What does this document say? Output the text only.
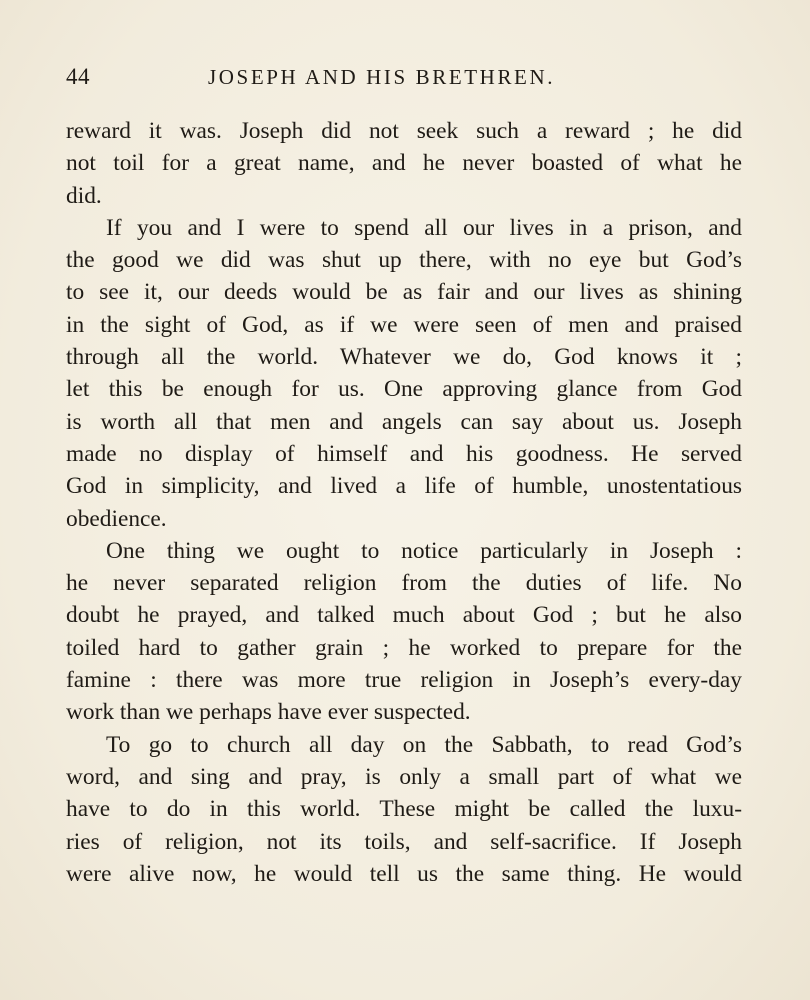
44	JOSEPH AND HIS BRETHREN.
reward it was. Joseph did not seek such a reward ; he did
not toil for a great name, and he never boasted of what he
did.
If you and I were to spend all our lives in a prison, and
the good we did was shut up there, with no eye but God’s
to see it, our deeds would be as fair and our lives as shining
in the sight of God, as if we were seen of men and praised
through all the world. Whatever we do, God knows it ;
let this be enough for us. One approving glance from God
is worth all that men and angels can say about us. Joseph
made no display of himself and his goodness. He served
God in simplicity, and lived a life of humble, unostentatious
obedience.
One thing we ought to notice particularly in Joseph :
he never separated religion from the duties of life. No
doubt he prayed, and talked much about God ; but he also
toiled hard to gather grain ; he worked to prepare for the
famine : there was more true religion in Joseph’s every-day
work than we perhaps have ever suspected.
To go to church all day on the Sabbath, to read God’s
word, and sing and pray, is only a small part of what we
have to do in this world. These might be called the luxu-
ries of religion, not its toils, and self-sacrifice. If Joseph
were alive now, he would tell us the same thing. He would
